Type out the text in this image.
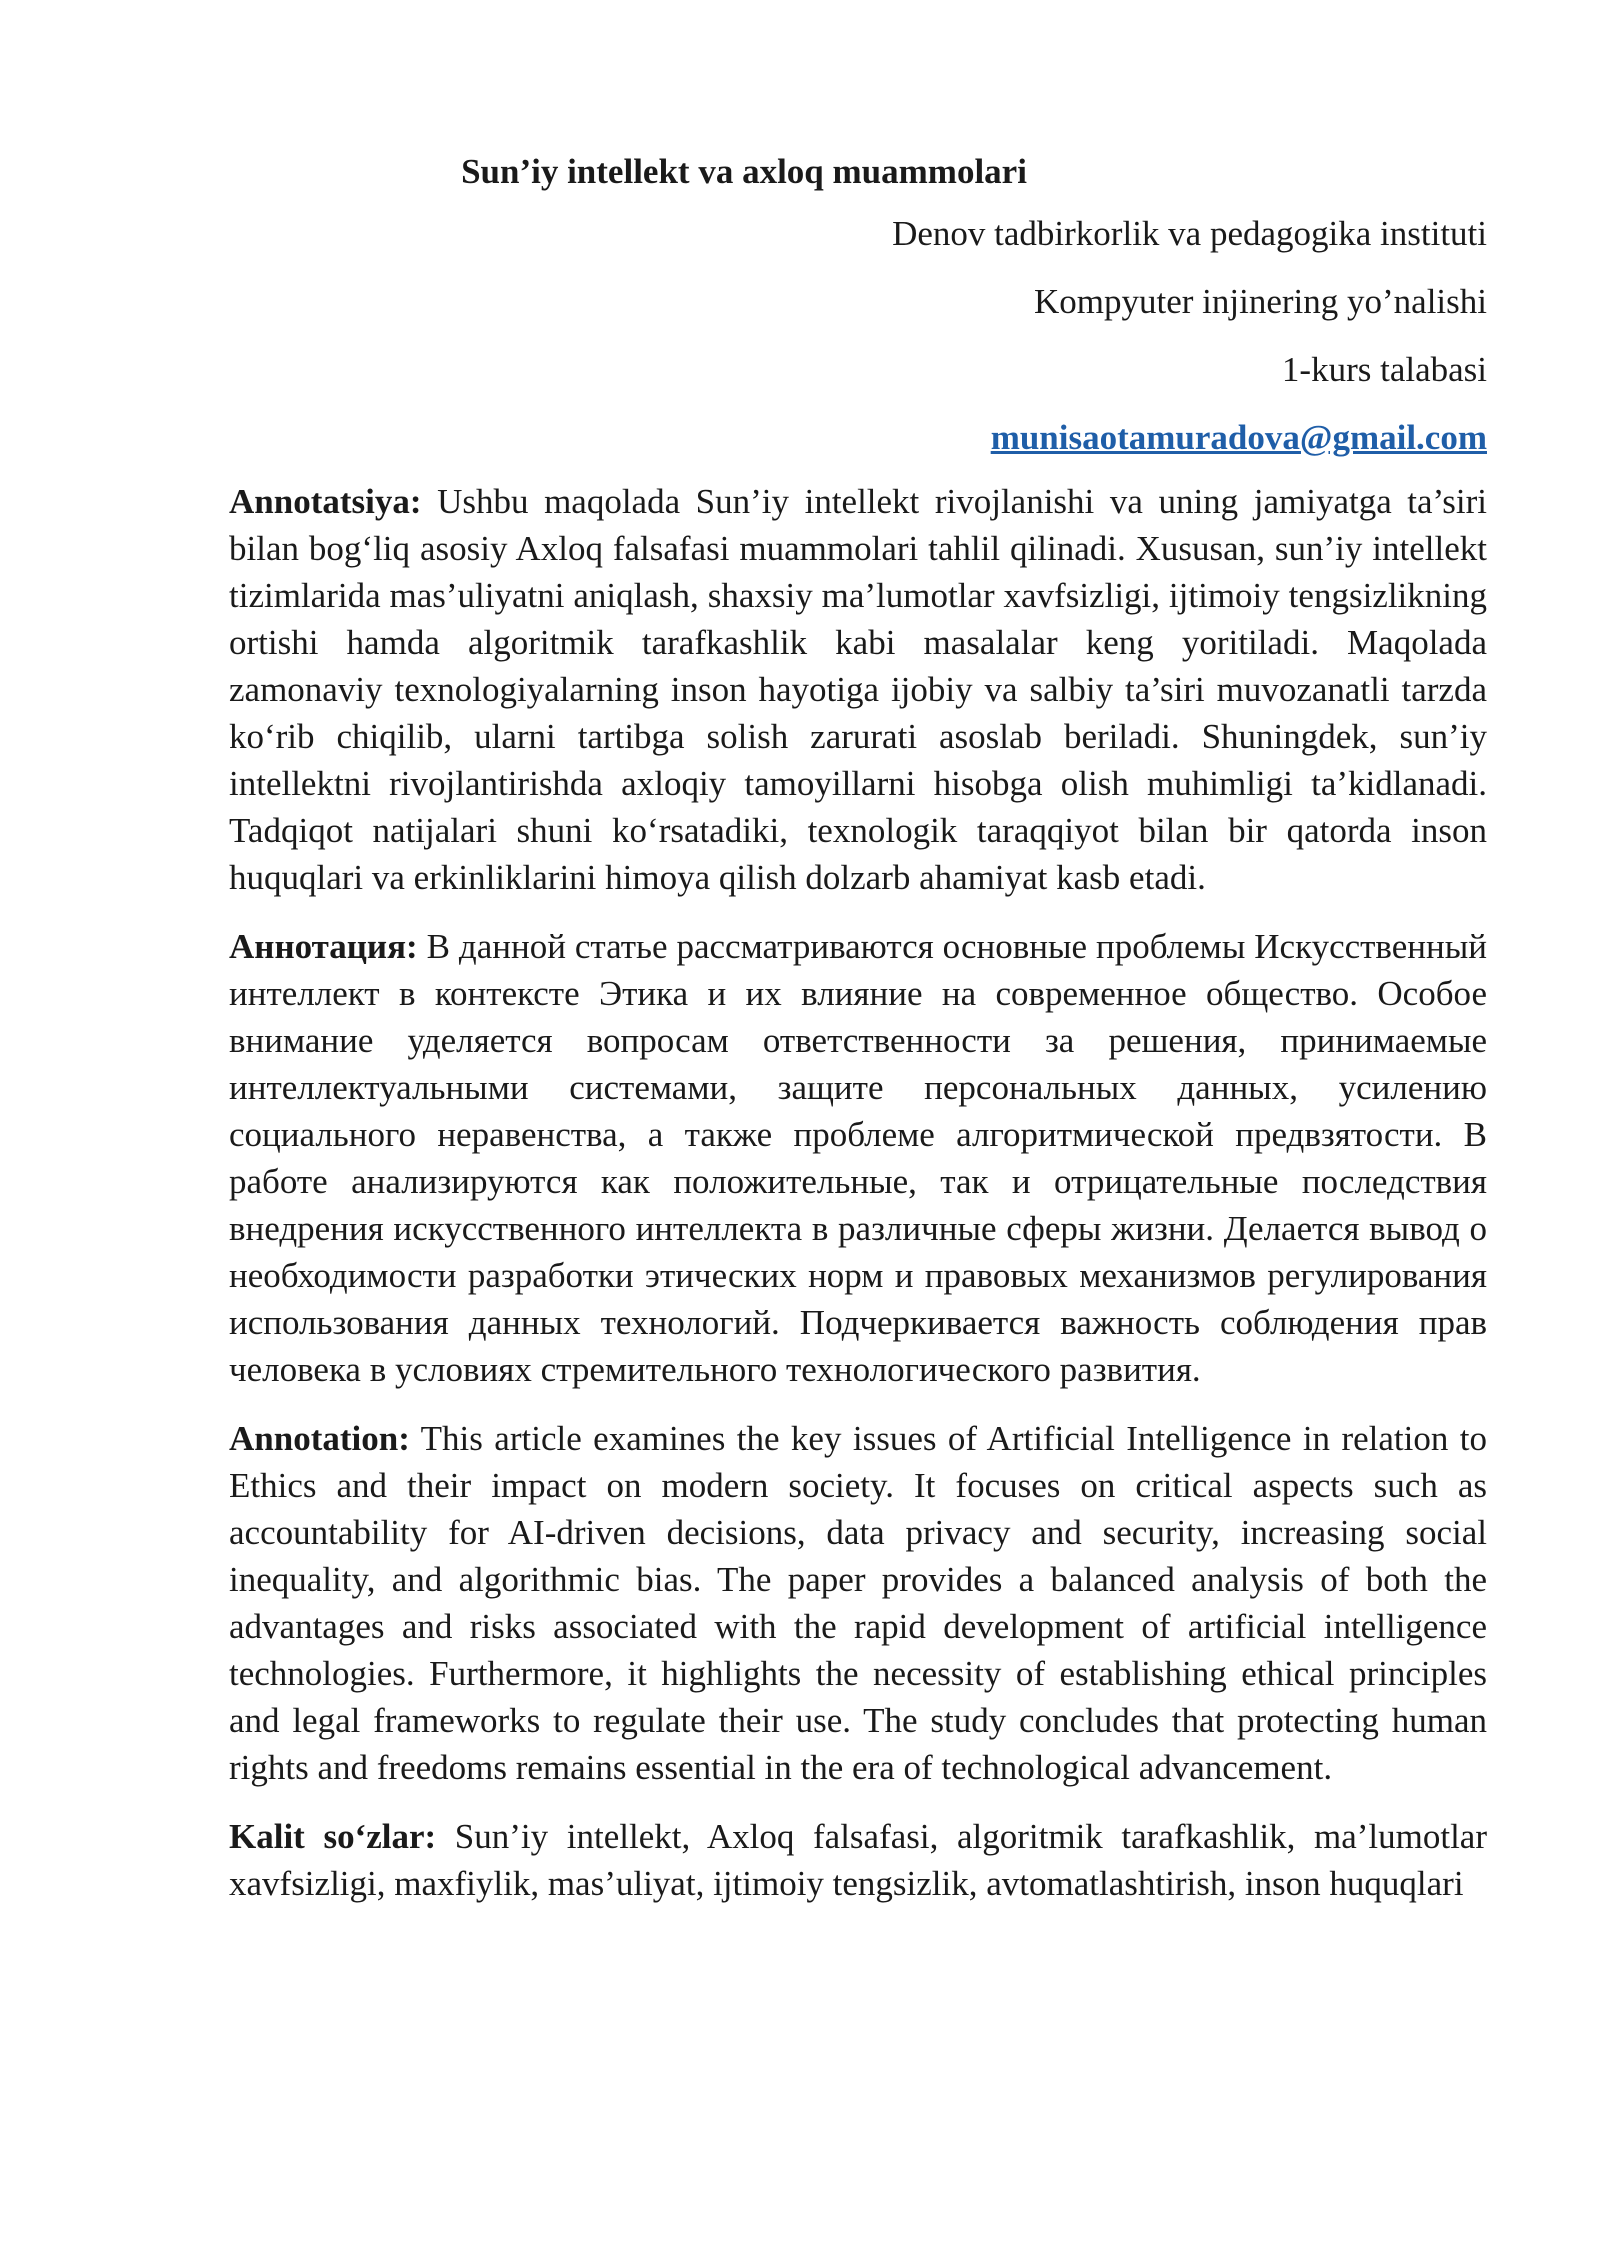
Sun’iy intellekt va axloq muammolari
Denov tadbirkorlik va pedagogika instituti
Kompyuter injinering yo’nalishi
1-kurs talabasi
munisaotamuradova@gmail.com

Annotatsiya: Ushbu maqolada Sun’iy intellekt rivojlanishi va uning jamiyatga ta’siri bilan bog‘liq asosiy Axloq falsafasi muammolari tahlil qilinadi. Xususan, sun’iy intellekt tizimlarida mas’uliyatni aniqlash, shaxsiy ma’lumotlar xavfsizligi, ijtimoiy tengsizlikning ortishi hamda algoritmik tarafkashlik kabi masalalar keng yoritiladi. Maqolada zamonaviy texnologiyalarning inson hayotiga ijobiy va salbiy ta’siri muvozanatli tarzda ko‘rib chiqilib, ularni tartibga solish zarurati asoslab beriladi. Shuningdek, sun’iy intellektni rivojlantirishda axloqiy tamoyillarni hisobga olish muhimligi ta’kidlanadi. Tadqiqot natijalari shuni ko‘rsatadiki, texnologik taraqqiyot bilan bir qatorda inson huquqlari va erkinliklarini himoya qilish dolzarb ahamiyat kasb etadi.

Аннотация: В данной статье рассматриваются основные проблемы Искусственный интеллект в контексте Этика и их влияние на современное общество. Особое внимание уделяется вопросам ответственности за решения, принимаемые интеллектуальными системами, защите персональных данных, усилению социального неравенства, а также проблеме алгоритмической предвзятости. В работе анализируются как положительные, так и отрицательные последствия внедрения искусственного интеллекта в различные сферы жизни. Делается вывод о необходимости разработки этических норм и правовых механизмов регулирования использования данных технологий. Подчеркивается важность соблюдения прав человека в условиях стремительного технологического развития.

Annotation: This article examines the key issues of Artificial Intelligence in relation to Ethics and their impact on modern society. It focuses on critical aspects such as accountability for AI-driven decisions, data privacy and security, increasing social inequality, and algorithmic bias. The paper provides a balanced analysis of both the advantages and risks associated with the rapid development of artificial intelligence technologies. Furthermore, it highlights the necessity of establishing ethical principles and legal frameworks to regulate their use. The study concludes that protecting human rights and freedoms remains essential in the era of technological advancement.

Kalit so‘zlar: Sun’iy intellekt, Axloq falsafasi, algoritmik tarafkashlik, ma’lumotlar xavfsizligi, maxfiylik, mas’uliyat, ijtimoiy tengsizlik, avtomatlashtirish, inson huquqlari
